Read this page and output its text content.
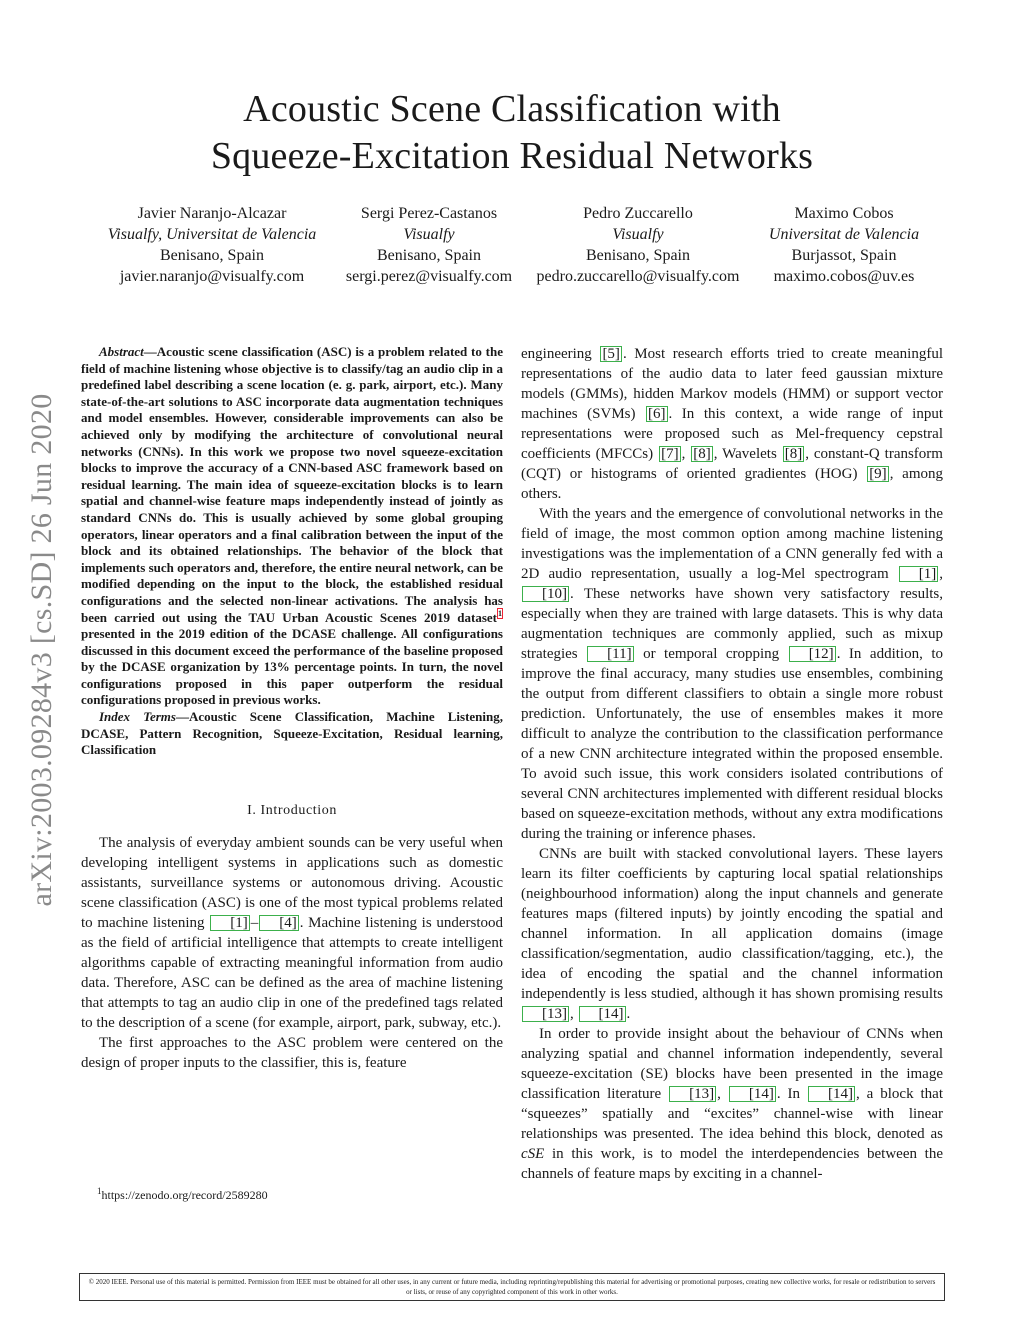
arXiv:2003.09284v3 [cs.SD] 26 Jun 2020
Acoustic Scene Classification with
Squeeze-Excitation Residual Networks
Javier Naranjo-Alcazar
Visualfy, Universitat de Valencia
Benisano, Spain
javier.naranjo@visualfy.com
Sergi Perez-Castanos
Visualfy
Benisano, Spain
sergi.perez@visualfy.com
Pedro Zuccarello
Visualfy
Benisano, Spain
pedro.zuccarello@visualfy.com
Maximo Cobos
Universitat de Valencia
Burjassot, Spain
maximo.cobos@uv.es

Abstract—Acoustic scene classification (ASC) is a problem related to the field of machine listening whose objective is to classify/tag an audio clip in a predefined label describing a scene location (e. g. park, airport, etc.). Many state-of-the-art solutions to ASC incorporate data augmentation techniques and model ensembles. However, considerable improvements can also be achieved only by modifying the architecture of convolutional neural networks (CNNs). In this work we propose two novel squeeze-excitation blocks to improve the accuracy of a CNN-based ASC framework based on residual learning. The main idea of squeeze-excitation blocks is to learn spatial and channel-wise feature maps independently instead of jointly as standard CNNs do. This is usually achieved by some global grouping operators, linear operators and a final calibration between the input of the block and its obtained relationships. The behavior of the block that implements such operators and, therefore, the entire neural network, can be modified depending on the input to the block, the established residual configurations and the selected non-linear activations. The analysis has been carried out using the TAU Urban Acoustic Scenes 2019 dataset$^1$ presented in the 2019 edition of the DCASE challenge. All configurations discussed in this document exceed the performance of the baseline proposed by the DCASE organization by 13% percentage points. In turn, the novel configurations proposed in this paper outperform the residual configurations proposed in previous works.

Index Terms—Acoustic Scene Classification, Machine Listening, DCASE, Pattern Recognition, Squeeze-Excitation, Residual learning, Classification

I. Introduction

The analysis of everyday ambient sounds can be very useful when developing intelligent systems in applications such as domestic assistants, surveillance systems or autonomous driving. Acoustic scene classification (ASC) is one of the most typical problems related to machine listening [1] – [4] . Machine listening is understood as the field of artificial intelligence that attempts to create intelligent algorithms capable of extracting meaningful information from audio data. Therefore, ASC can be defined as the area of machine listening that attempts to tag an audio clip in one of the predefined tags related to the description of a scene (for example, airport, park, subway, etc.).

The first approaches to the ASC problem were centered on the design of proper inputs to the classifier, this is, feature

$^1$https://zenodo.org/record/2589280

engineering [5] . Most research efforts tried to create meaningful representations of the audio data to later feed gaussian mixture models (GMMs), hidden Markov models (HMM) or support vector machines (SVMs) [6] . In this context, a wide range of input representations were proposed such as Mel-frequency cepstral coefficients (MFCCs) [7] , [8] , Wavelets [8] , constant-Q transform (CQT) or histograms of oriented gradientes (HOG) [9] , among others.

With the years and the emergence of convolutional networks in the field of image, the most common option among machine listening investigations was the implementation of a CNN generally fed with a 2D audio representation, usually a log-Mel spectrogram [1] , [10] . These networks have shown very satisfactory results, especially when they are trained with large datasets. This is why data augmentation techniques are commonly applied, such as mixup strategies [11] or temporal cropping [12] . In addition, to improve the final accuracy, many studies use ensembles, combining the output from different classifiers to obtain a single more robust prediction. Unfortunately, the use of ensembles makes it more difficult to analyze the contribution to the classification performance of a new CNN architecture integrated within the proposed ensemble. To avoid such issue, this work considers isolated contributions of several CNN architectures implemented with different residual blocks based on squeeze-excitation methods, without any extra modifications during the training or inference phases.

CNNs are built with stacked convolutional layers. These layers learn its filter coefficients by capturing local spatial relationships (neighbourhood information) along the input channels and generate features maps (filtered inputs) by jointly encoding the spatial and channel information. In all application domains (image classification/segmentation, audio classification/tagging, etc.), the idea of encoding the spatial and the channel information independently is less studied, although it has shown promising results [13] , [14] .

In order to provide insight about the behaviour of CNNs when analyzing spatial and channel information independently, several squeeze-excitation (SE) blocks have been presented in the image classification literature [13] , [14] . In [14] , a block that “squeezes” spatially and “excites” channel-wise with linear relationships was presented. The idea behind this block, denoted as cSE in this work, is to model the interdependencies between the channels of feature maps by exciting in a channel-

© 2020 IEEE. Personal use of this material is permitted. Permission from IEEE must be obtained for all other uses, in any current or future media, including reprinting/republishing this material for advertising or promotional purposes, creating new collective works, for resale or redistribution to servers or lists, or reuse of any copyrighted component of this work in other works.
